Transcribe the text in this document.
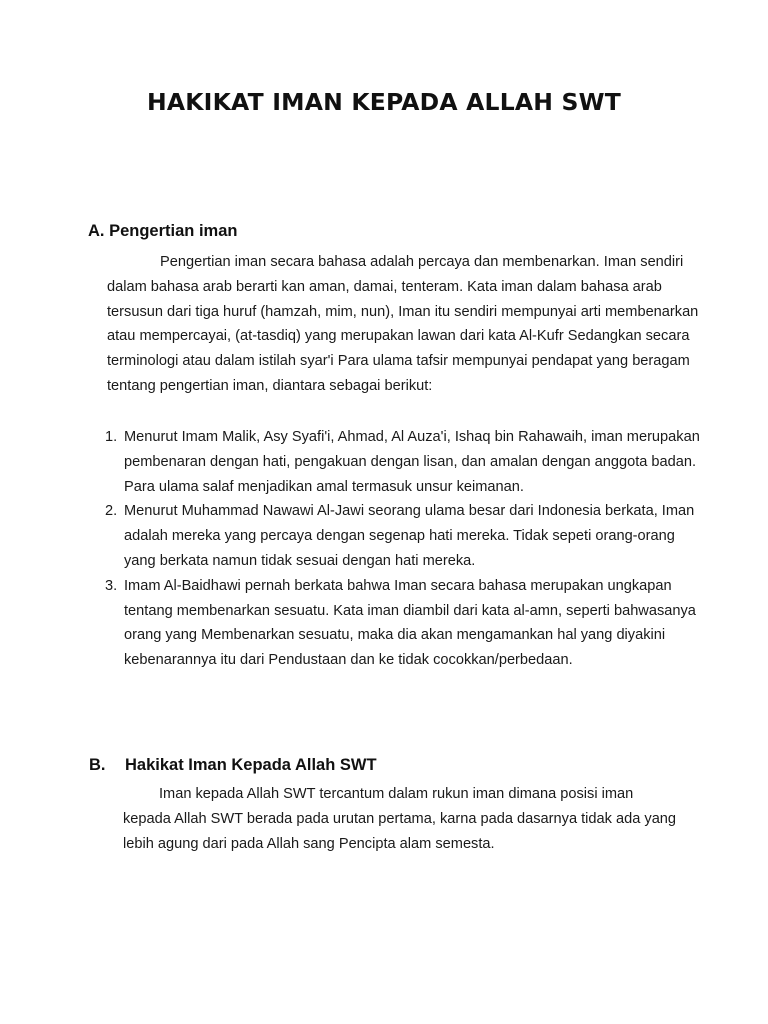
HAKIKAT IMAN KEPADA ALLAH SWT
A. Pengertian iman

Pengertian iman secara bahasa adalah percaya dan membenarkan. Iman sendiri dalam bahasa arab berarti kan aman, damai, tenteram. Kata iman dalam bahasa arab tersusun dari tiga huruf (hamzah, mim, nun), Iman itu sendiri mempunyai arti membenarkan atau mempercayai, (at-tasdiq) yang merupakan lawan dari kata Al-Kufr Sedangkan secara terminologi atau dalam istilah syar'i Para ulama tafsir mempunyai pendapat yang beragam tentang pengertian iman, diantara sebagai berikut:

1. Menurut Imam Malik, Asy Syafi'i, Ahmad, Al Auza'i, Ishaq bin Rahawaih, iman merupakan pembenaran dengan hati, pengakuan dengan lisan, dan amalan dengan anggota badan. Para ulama salaf menjadikan amal termasuk unsur keimanan.
2. Menurut Muhammad Nawawi Al-Jawi seorang ulama besar dari Indonesia berkata, Iman adalah mereka yang percaya dengan segenap hati mereka. Tidak sepeti orang-orang yang berkata namun tidak sesuai dengan hati mereka.
3. Imam Al-Baidhawi pernah berkata bahwa Iman secara bahasa merupakan ungkapan tentang membenarkan sesuatu. Kata iman diambil dari kata al-amn, seperti bahwasanya orang yang Membenarkan sesuatu, maka dia akan mengamankan hal yang diyakini kebenarannya itu dari Pendustaan dan ke tidak cocokkan/perbedaan.
B. Hakikat Iman Kepada Allah SWT

Iman kepada Allah SWT tercantum dalam rukun iman dimana posisi iman kepada Allah SWT berada pada urutan pertama, karna pada dasarnya tidak ada yang lebih agung dari pada Allah sang Pencipta alam semesta.
